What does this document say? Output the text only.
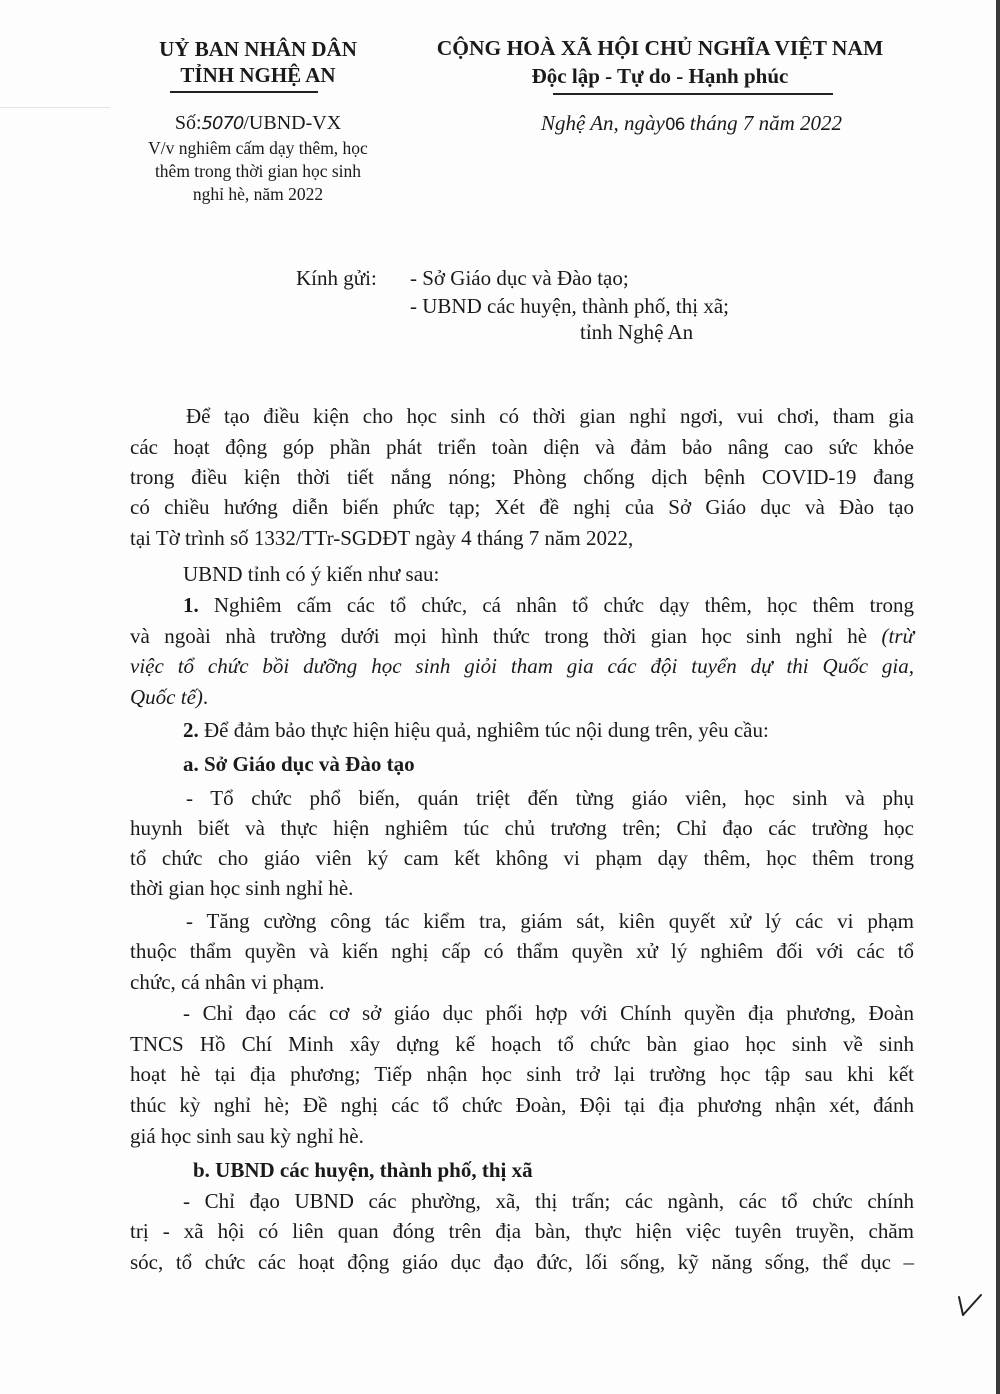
UỶ BAN NHÂN DÂN
TỈNH NGHỆ AN
Số:5070/UBND-VX
V/v nghiêm cấm dạy thêm, học
thêm trong thời gian học sinh
nghỉ hè, năm 2022
CỘNG HOÀ XÃ HỘI CHỦ NGHĨA VIỆT NAM
Độc lập - Tự do - Hạnh phúc
Nghệ An, ngày06 tháng 7 năm 2022
Kính gửi: - Sở Giáo dục và Đào tạo;
- UBND các huyện, thành phố, thị xã;
tỉnh Nghệ An
Để tạo điều kiện cho học sinh có thời gian nghỉ ngơi, vui chơi, tham gia
các hoạt động góp phần phát triển toàn diện và đảm bảo nâng cao sức khỏe
trong điều kiện thời tiết nắng nóng; Phòng chống dịch bệnh COVID-19 đang
có chiều hướng diễn biến phức tạp; Xét đề nghị của Sở Giáo dục và Đào tạo
tại Tờ trình số 1332/TTr-SGDĐT ngày 4 tháng 7 năm 2022,
UBND tỉnh có ý kiến như sau:
1. Nghiêm cấm các tổ chức, cá nhân tổ chức dạy thêm, học thêm trong
và ngoài nhà trường dưới mọi hình thức trong thời gian học sinh nghỉ hè (trừ
việc tổ chức bồi dưỡng học sinh giỏi tham gia các đội tuyển dự thi Quốc gia,
Quốc tế).
2. Để đảm bảo thực hiện hiệu quả, nghiêm túc nội dung trên, yêu cầu:
a. Sở Giáo dục và Đào tạo
- Tổ chức phổ biến, quán triệt đến từng giáo viên, học sinh và phụ
huynh biết và thực hiện nghiêm túc chủ trương trên; Chỉ đạo các trường học
tổ chức cho giáo viên ký cam kết không vi phạm dạy thêm, học thêm trong
thời gian học sinh nghỉ hè.
- Tăng cường công tác kiểm tra, giám sát, kiên quyết xử lý các vi phạm
thuộc thẩm quyền và kiến nghị cấp có thẩm quyền xử lý nghiêm đối với các tổ
chức, cá nhân vi phạm.
- Chỉ đạo các cơ sở giáo dục phối hợp với Chính quyền địa phương, Đoàn
TNCS Hồ Chí Minh xây dựng kế hoạch tổ chức bàn giao học sinh về sinh
hoạt hè tại địa phương; Tiếp nhận học sinh trở lại trường học tập sau khi kết
thúc kỳ nghỉ hè; Đề nghị các tổ chức Đoàn, Đội tại địa phương nhận xét, đánh
giá học sinh sau kỳ nghỉ hè.
b. UBND các huyện, thành phố, thị xã
- Chỉ đạo UBND các phường, xã, thị trấn; các ngành, các tổ chức chính
trị - xã hội có liên quan đóng trên địa bàn, thực hiện việc tuyên truyền, chăm
sóc, tổ chức các hoạt động giáo dục đạo đức, lối sống, kỹ năng sống, thể dục –
